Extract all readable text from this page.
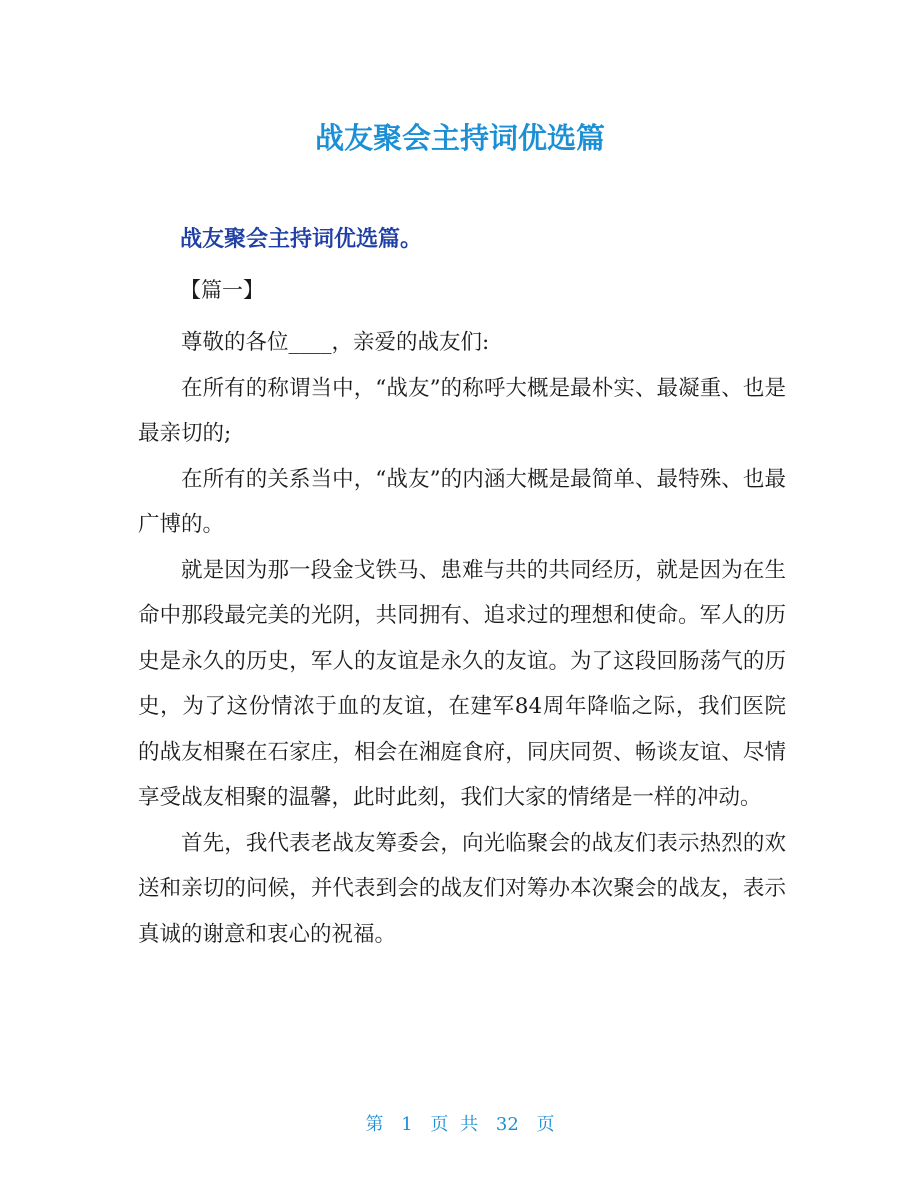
战友聚会主持词优选篇

战友聚会主持词优选篇。

【篇一】

尊敬的各位____，亲爱的战友们:

在所有的称谓当中，“战友”的称呼大概是最朴实、最凝重、也是最亲切的;

在所有的关系当中，“战友”的内涵大概是最简单、最特殊、也最广博的。

就是因为那一段金戈铁马、患难与共的共同经历，就是因为在生命中那段最完美的光阴，共同拥有、追求过的理想和使命。军人的历史是永久的历史，军人的友谊是永久的友谊。为了这段回肠荡气的历史，为了这份情浓于血的友谊，在建军84周年降临之际，我们医院的战友相聚在石家庄，相会在湘庭食府，同庆同贺、畅谈友谊、尽情享受战友相聚的温馨，此时此刻，我们大家的情绪是一样的冲动。

首先，我代表老战友筹委会，向光临聚会的战友们表示热烈的欢送和亲切的问候，并代表到会的战友们对筹办本次聚会的战友，表示真诚的谢意和衷心的祝福。

第 1 页 共 32 页
